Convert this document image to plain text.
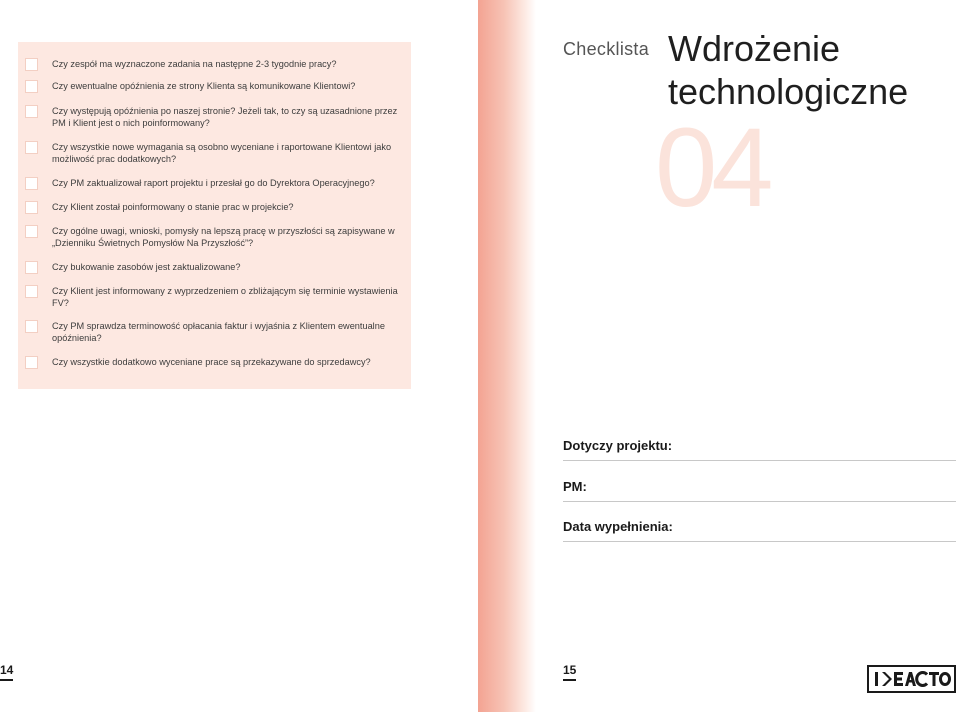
Czy zespół ma wyznaczone zadania na następne 2-3 tygodnie pracy?
Czy ewentualne opóźnienia ze strony Klienta są komunikowane Klientowi?
Czy występują opóźnienia po naszej stronie? Jeżeli tak, to czy są uzasadnione przez PM i Klient jest o nich poinformowany?
Czy wszystkie nowe wymagania są osobno wyceniane i raportowane Klientowi jako możliwość prac dodatkowych?
Czy PM zaktualizował raport projektu i przesłał go do Dyrektora Operacyjnego?
Czy Klient został poinformowany o stanie prac w projekcie?
Czy ogólne uwagi, wnioski, pomysły na lepszą pracę w przyszłości są zapisywane w „Dzienniku Świetnych Pomysłów Na Przyszłość”?
Czy bukowanie zasobów jest zaktualizowane?
Czy Klient jest informowany z wyprzedzeniem o zbliżającym się terminie wystawienia FV?
Czy PM sprawdza terminowość opłacania faktur i wyjaśnia z Klientem ewentualne opóźnienia?
Czy wszystkie dodatkowo wyceniane prace są przekazywane do sprzedawcy?
14
04
Checklista Wdrożenie
technologiczne
Dotyczy projektu:
PM:
Data wypełnienia:
15
